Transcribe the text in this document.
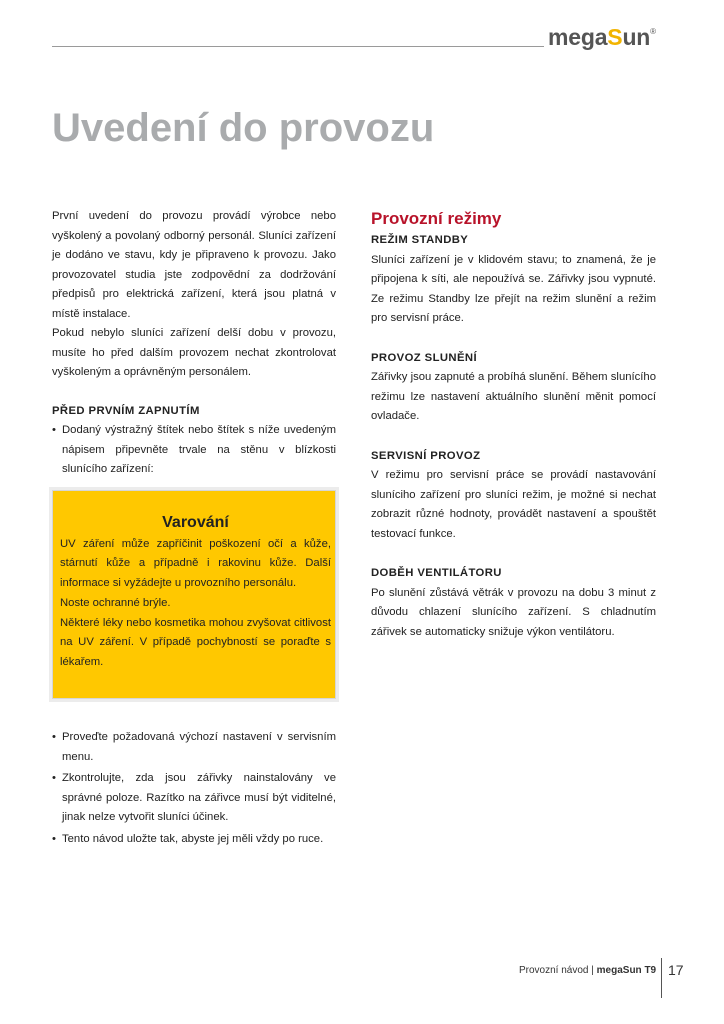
megaSun®
Uvedení do provozu

První uvedení do provozu provádí výrobce nebo vyškolený a povolaný odborný personál. Sluníci zařízení je dodáno ve stavu, kdy je připraveno k provozu. Jako provozovatel studia jste zodpovědní za dodržování předpisů pro elektrická zařízení, která jsou platná v místě instalace.

Pokud nebylo sluníci zařízení delší dobu v provozu, musíte ho před dalším provozem nechat zkontrolovat vyškoleným a oprávněným personálem.

PŘED PRVNÍM ZAPNUTÍM

• Dodaný výstražný štítek nebo štítek s níže uvedeným nápisem připevněte trvale na stěnu v blízkosti slunícího zařízení:

Varování

UV záření může zapříčinit poškození očí a kůže, stárnutí kůže a případně i rakovinu kůže. Další informace si vyžádejte u provozního personálu.

Noste ochranné brýle.

Některé léky nebo kosmetika mohou zvyšovat citlivost na UV záření. V případě pochybností se poraďte s lékařem.

• Proveďte požadovaná výchozí nastavení v servisním menu.
• Zkontrolujte, zda jsou zářivky nainstalovány ve správné poloze. Razítko na zářivce musí být viditelné, jinak nelze vytvořit sluníci účinek.
• Tento návod uložte tak, abyste jej měli vždy po ruce.

Provozní režimy

REŽIM STANDBY

Sluníci zařízení je v klidovém stavu; to znamená, že je připojena k síti, ale nepoužívá se. Zářivky jsou vypnuté. Ze režimu Standby lze přejít na režim slunění a režim pro servisní práce.

PROVOZ SLUNĚNÍ

Zářivky jsou zapnuté a probíhá slunění. Během slunícího režimu lze nastavení aktuálního slunění měnit pomocí ovladače.

SERVISNÍ PROVOZ

V režimu pro servisní práce se provádí nastavování sluníciho zařízení pro sluníci režim, je možné si nechat zobrazit různé hodnoty, provádět nastavení a spouštět testovací funkce.

DOBĚH VENTILÁTORU

Po slunění zůstává větrák v provozu na dobu 3 minut z důvodu chlazení slunícího zařízení. S chladnutím zářivek se automaticky snižuje výkon ventilátoru.

Provozní návod | megaSun T9 17
